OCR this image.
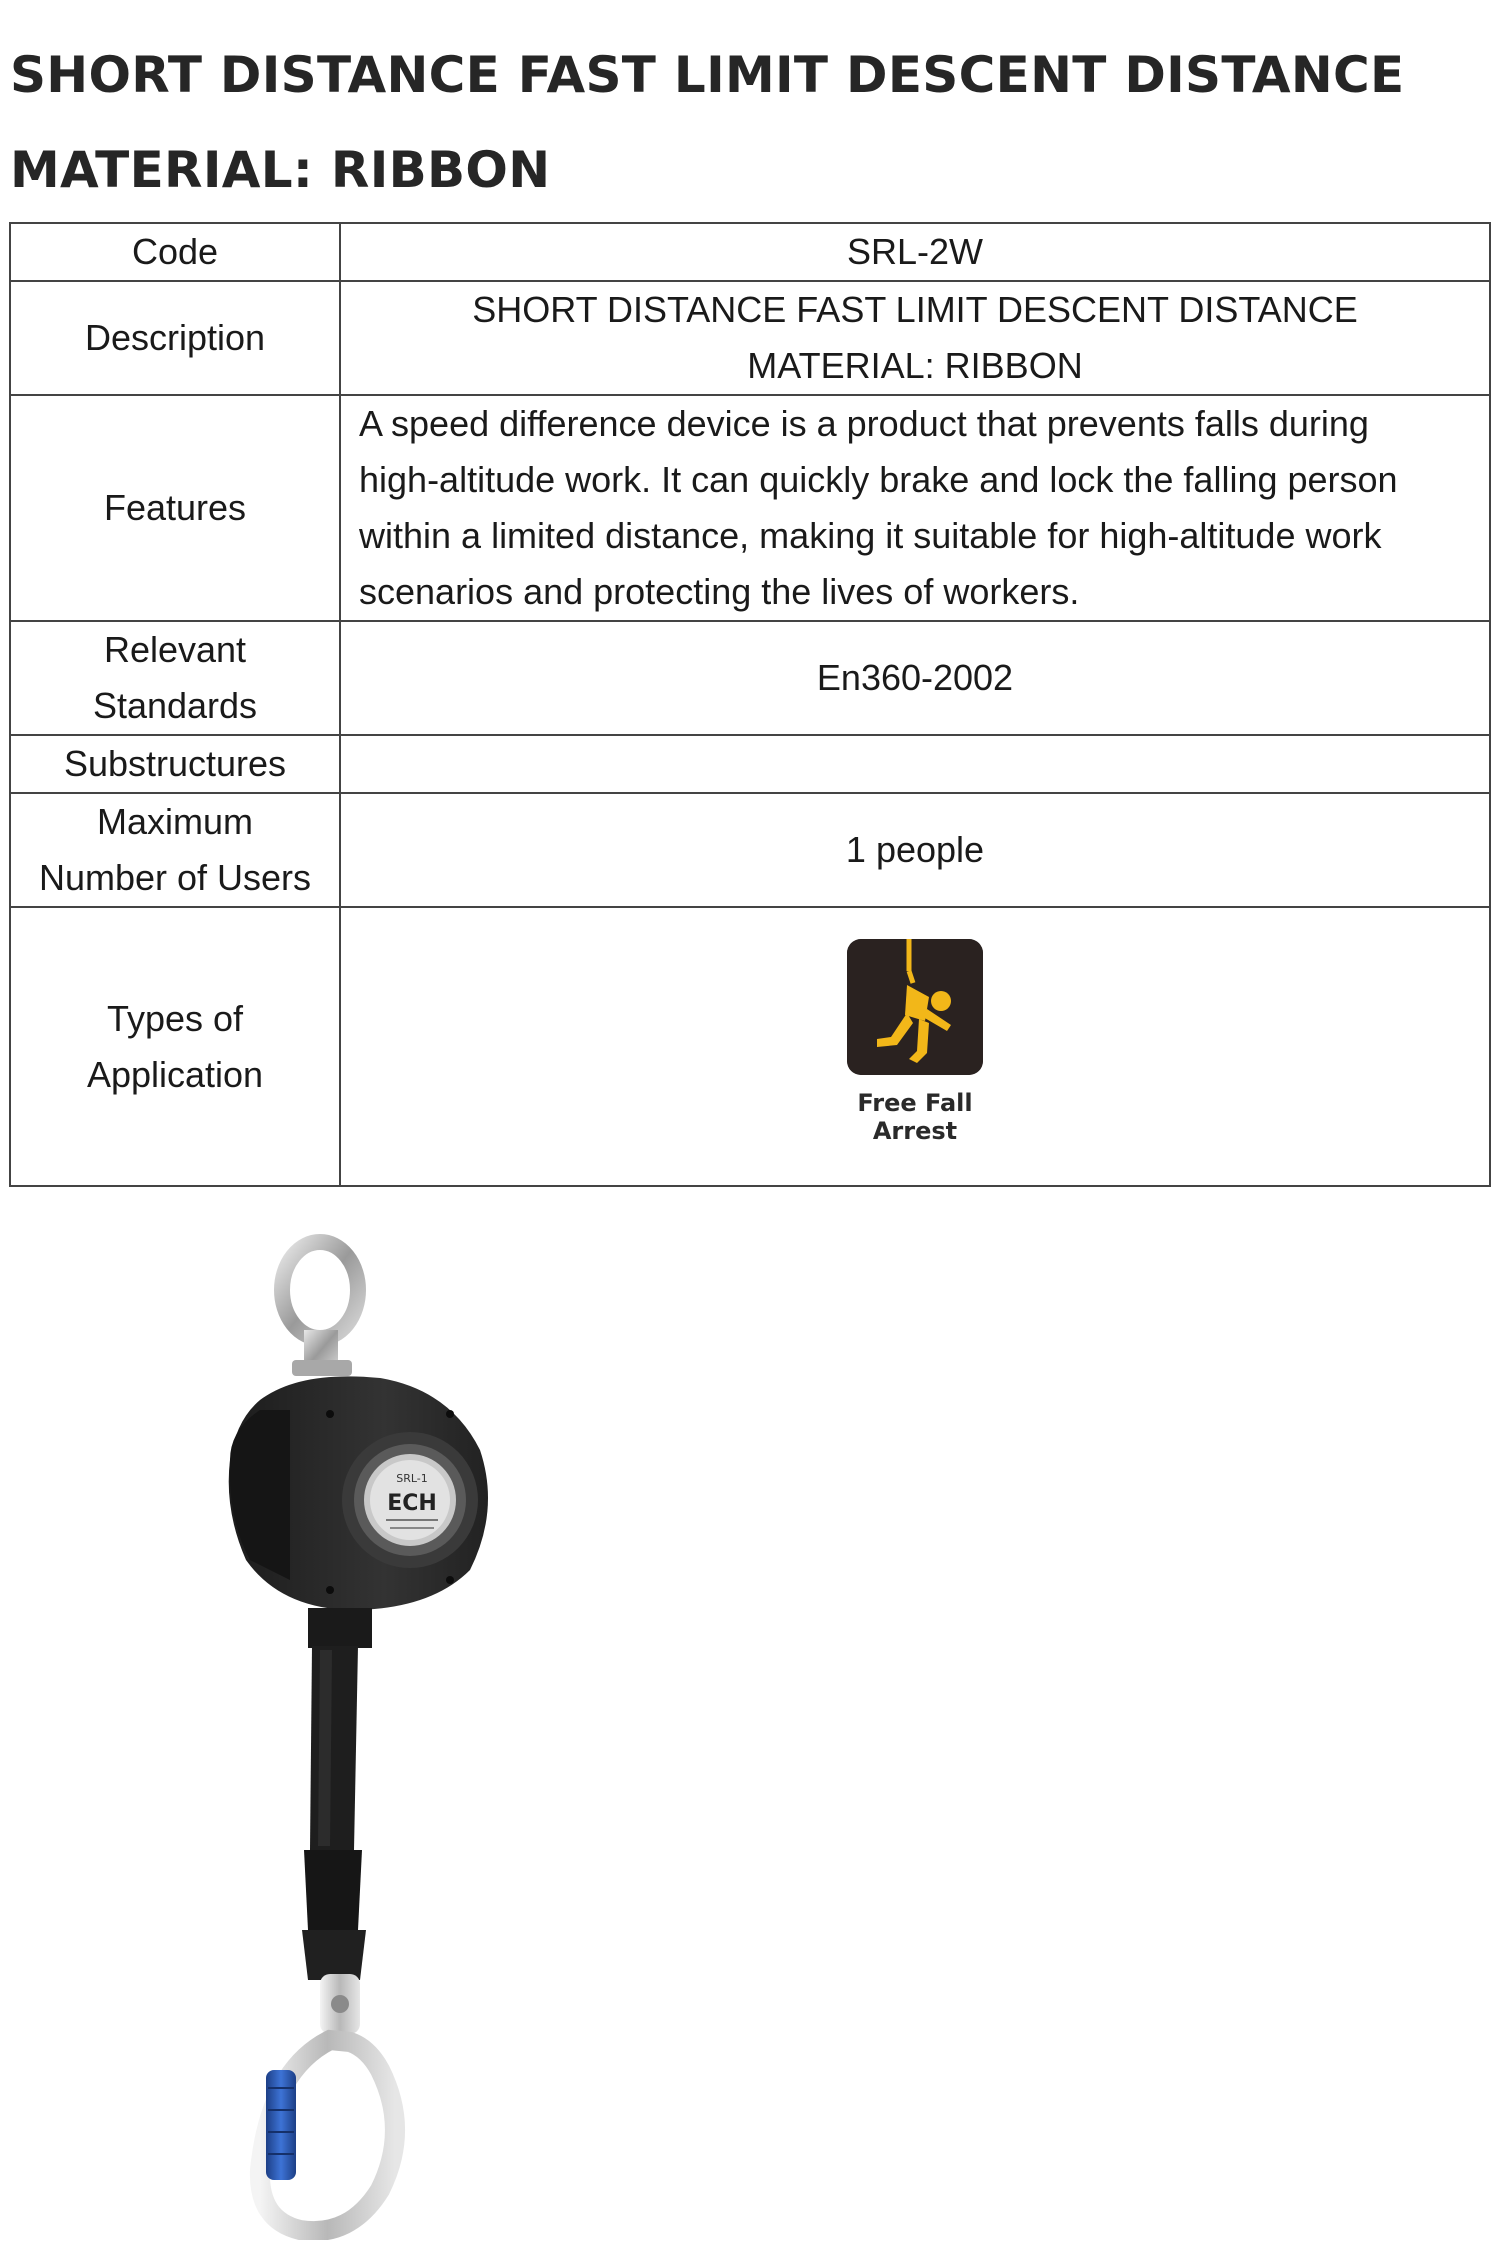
SHORT DISTANCE FAST LIMIT DESCENT DISTANCE
MATERIAL: RIBBON
Code	SRL-2W
Description	SHORT DISTANCE FAST LIMIT DESCENT DISTANCE
MATERIAL: RIBBON

Features	A speed difference device is a product that prevents falls during high-altitude work. It can quickly brake and lock the falling person within a limited distance, making it suitable for high-altitude work scenarios and protecting the lives of workers.
Relevant Standards	En360-2002
Substructures	
Maximum Number of Users	1 people
Types of Application	Free Fall
Arrest
SRL-1
ECH
